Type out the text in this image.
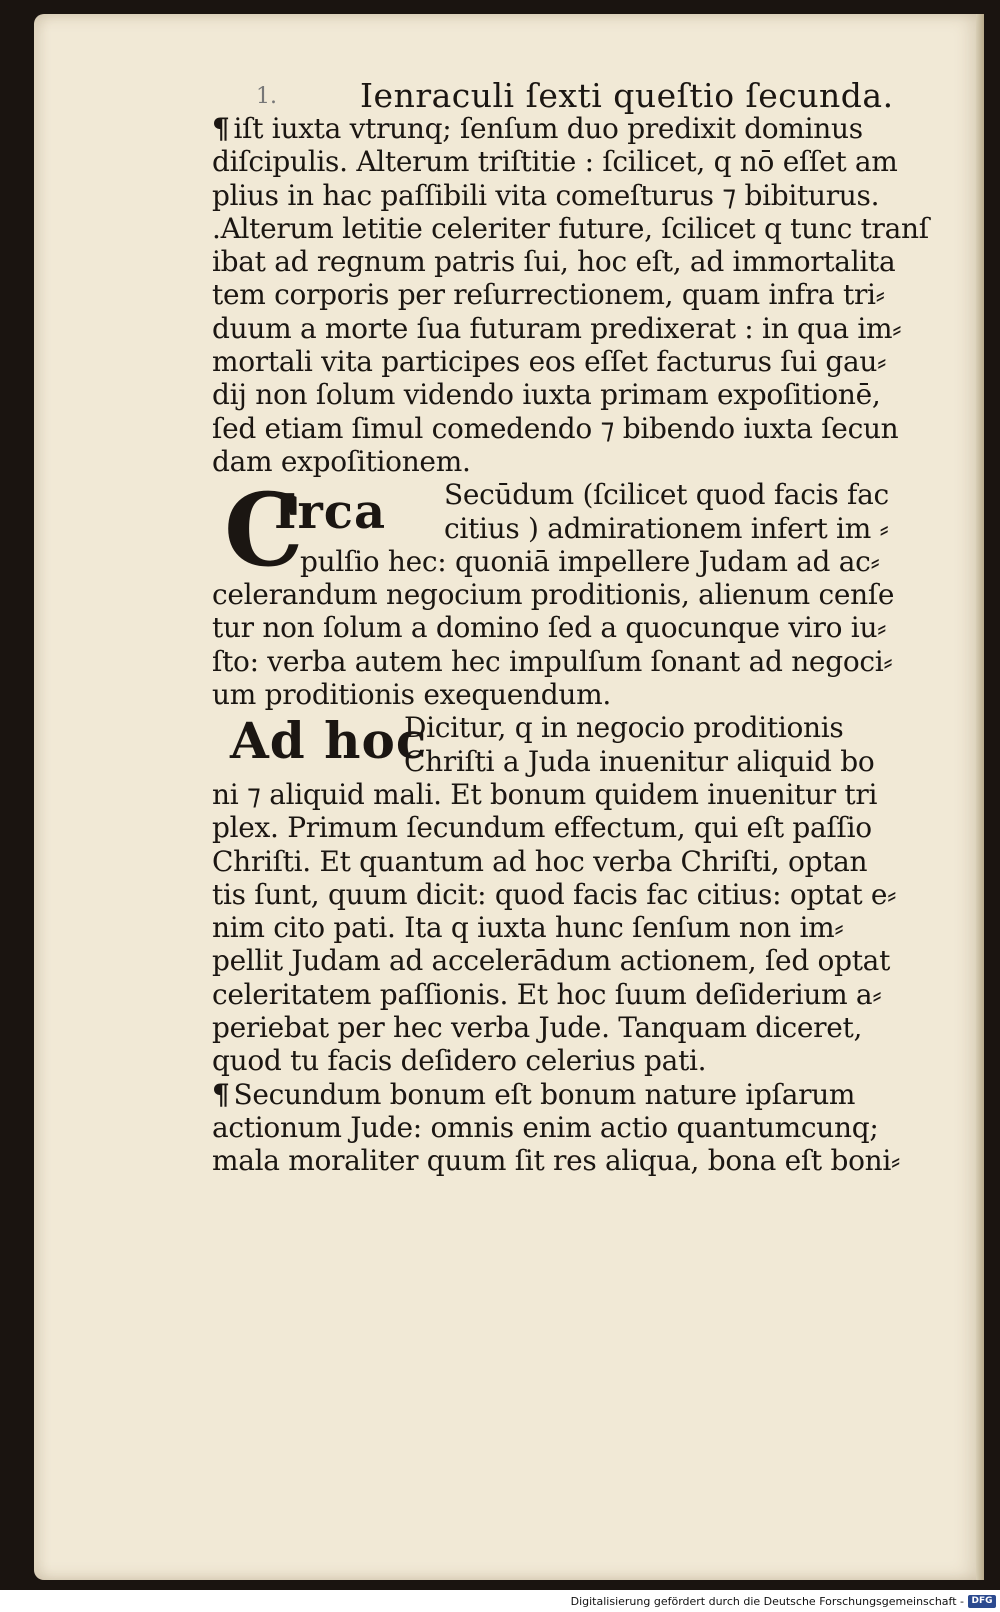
1.	Ienraculi ſexti queſtio ſecunda.
¶ iſt iuxta vtrunq; ſenſum duo predixit dominus
diſcipulis. Alterum triſtitie : ſcilicet, q nō eſſet am
plius in hac paſſibili vita comeſturus ⁊ bibiturus.
.Alterum letitie celeriter future, ſcilicet q tunc tranſ
ibat ad regnum patris ſui, hoc eſt, ad immortalita
tem corporis per reſurrectionem, quam infra tri⸗
duum a morte ſua futuram predixerat : in qua im⸗
mortali vita participes eos eſſet facturus ſui gau⸗
dij non ſolum videndo iuxta primam expoſitionē,
ſed etiam ſimul comedendo ⁊ bibendo iuxta ſecun
dam expoſitionem.
C
Irca	Secūdum (ſcilicet quod facis fac
citius ) admirationem infert im ⸗
pulſio hec: quoniā impellere Judam ad ac⸗
celerandum negocium proditionis, alienum cenſe
tur non ſolum a domino ſed a quocunque viro iu⸗
ſto: verba autem hec impulſum ſonant ad negoci⸗
um proditionis exequendum.
Ad hoc
Dicitur, q in negocio proditionis
Chriſti a Juda inuenitur aliquid bo
ni ⁊ aliquid mali. Et bonum quidem inuenitur tri
plex. Primum ſecundum effectum, qui eſt paſſio
Chriſti. Et quantum ad hoc verba Chriſti, optan
tis ſunt, quum dicit: quod facis fac citius: optat e⸗
nim cito pati. Ita q iuxta hunc ſenſum non im⸗
pellit Judam ad accelerādum actionem, ſed optat
celeritatem paſſionis. Et hoc ſuum deſiderium a⸗
periebat per hec verba Jude. Tanquam diceret,
quod tu facis deſidero celerius pati.
¶ Secundum bonum eſt bonum nature ipſarum
actionum Jude: omnis enim actio quantumcunq;
mala moraliter quum ſit res aliqua, bona eſt boni⸗
Digitalisierung gefördert durch die Deutsche Forschungsgemeinschaft - DFG
